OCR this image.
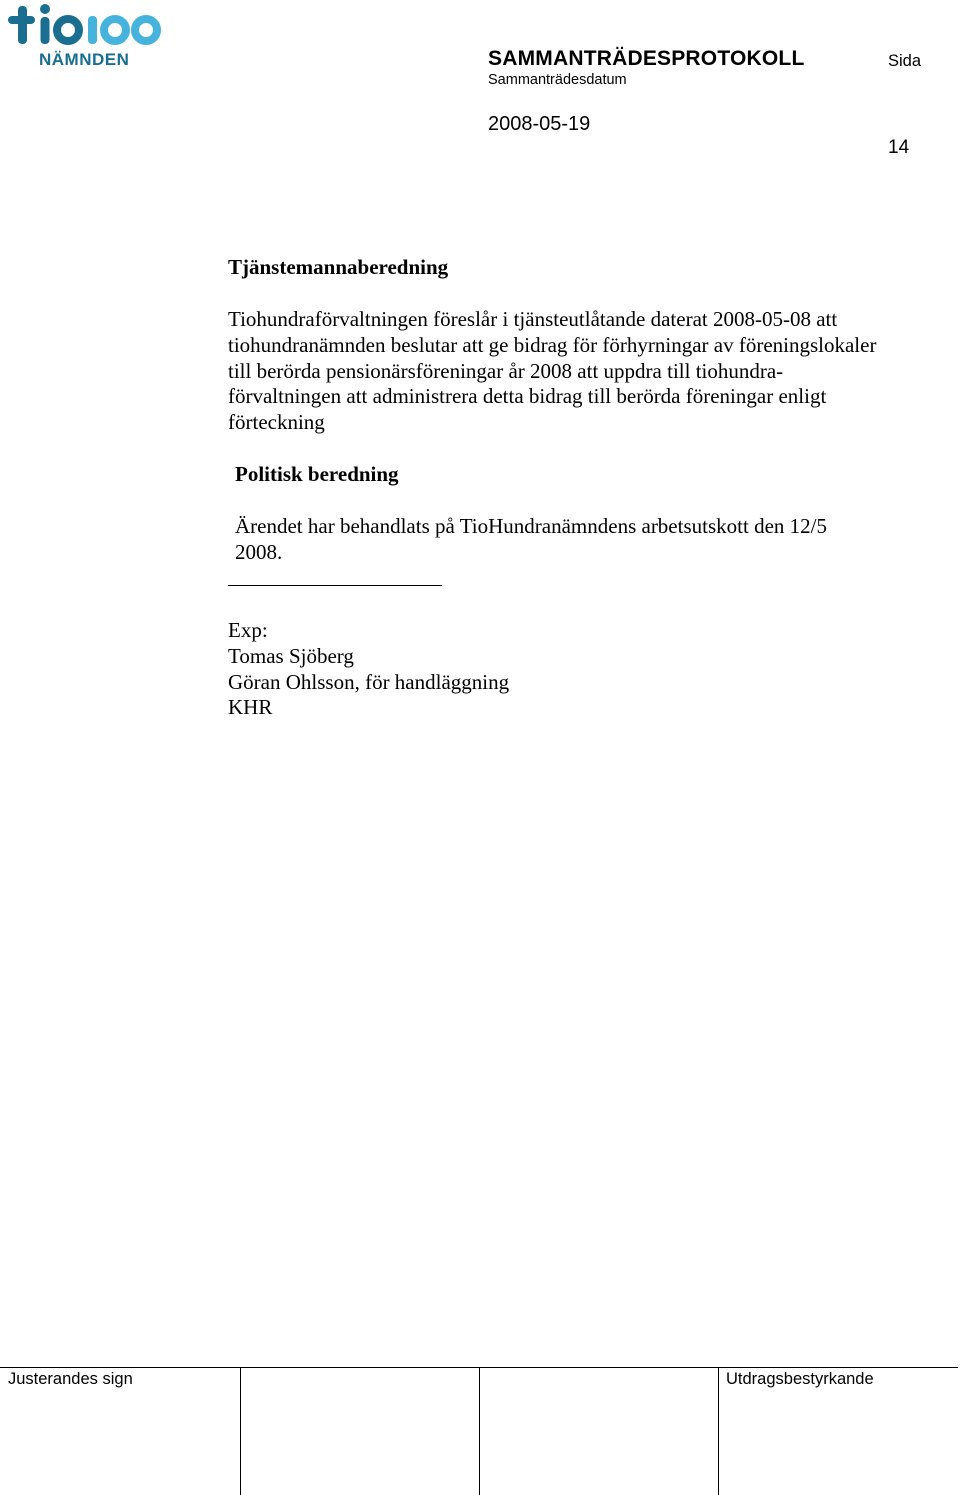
NÄMNDEN	SAMMANTRÄDESPROTOKOLL
Sammanträdesdatum
2008-05-19
Sida
14
Tjänstemannaberedning
Tiohundraförvaltningen föreslår i tjänsteutlåtande daterat 2008-05-08 att
tiohundranämnden beslutar att ge bidrag för förhyrningar av föreningslokaler
till berörda pensionärsföreningar år 2008 att uppdra till tiohundra-
förvaltningen att administrera detta bidrag till berörda föreningar enligt
förteckning
Politisk beredning
Ärendet har behandlats på TioHundranämndens arbetsutskott den 12/5
2008.
Exp:
Tomas Sjöberg
Göran Ohlsson, för handläggning
KHR
Justerandes sign	Utdragsbestyrkande
